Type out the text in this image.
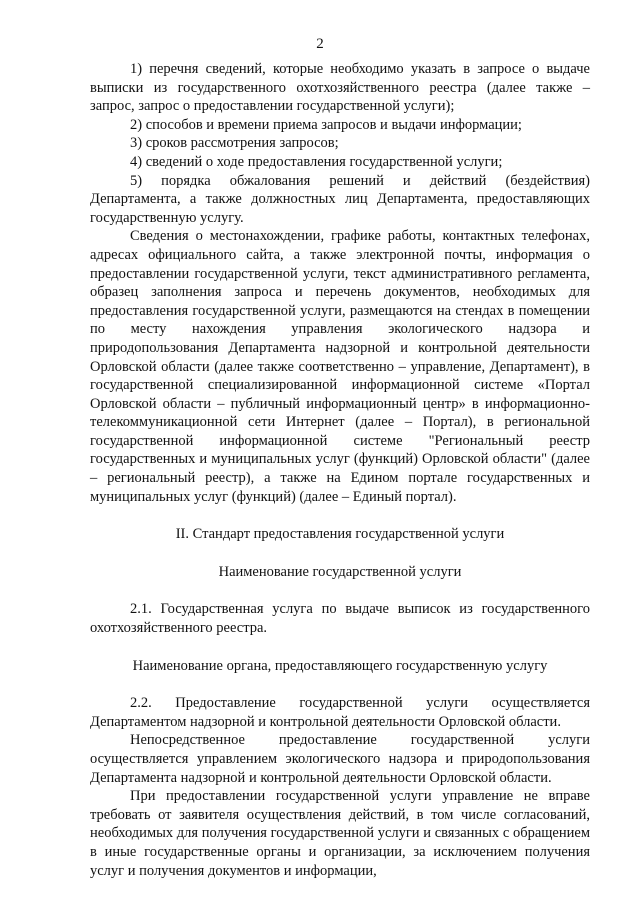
2

1) перечня сведений, которые необходимо указать в запросе о выдаче выписки из государственного охотхозяйственного реестра (далее также – запрос, запрос о предоставлении государственной услуги);

2) способов и времени приема запросов и выдачи информации;

3) сроков рассмотрения запросов;

4) сведений о ходе предоставления государственной услуги;

5) порядка обжалования решений и действий (бездействия) Департамента, а также должностных лиц Департамента, предоставляющих государственную услугу.

Сведения о местонахождении, графике работы, контактных телефонах, адресах официального сайта, а также электронной почты, информация о предоставлении государственной услуги, текст административного регламента, образец заполнения запроса и перечень документов, необходимых для предоставления государственной услуги, размещаются на стендах в помещении по месту нахождения управления экологического надзора и природопользования Департамента надзорной и контрольной деятельности Орловской области (далее также соответственно – управление, Департамент), в государственной специализированной информационной системе «Портал Орловской области – публичный информационный центр» в информационно-телекоммуникационной сети Интернет (далее – Портал), в региональной государственной информационной системе "Региональный реестр государственных и муниципальных услуг (функций) Орловской области" (далее – региональный реестр), а также на Едином портале государственных и муниципальных услуг (функций) (далее – Единый портал).

II. Стандарт предоставления государственной услуги

Наименование государственной услуги

2.1. Государственная услуга по выдаче выписок из государственного охотхозяйственного реестра.

Наименование органа, предоставляющего государственную услугу

2.2. Предоставление государственной услуги осуществляется Департаментом надзорной и контрольной деятельности Орловской области.

Непосредственное предоставление государственной услуги осуществляется управлением экологического надзора и природопользования Департамента надзорной и контрольной деятельности Орловской области.

При предоставлении государственной услуги управление не вправе требовать от заявителя осуществления действий, в том числе согласований, необходимых для получения государственной услуги и связанных с обращением в иные государственные органы и организации, за исключением получения услуг и получения документов и информации,
